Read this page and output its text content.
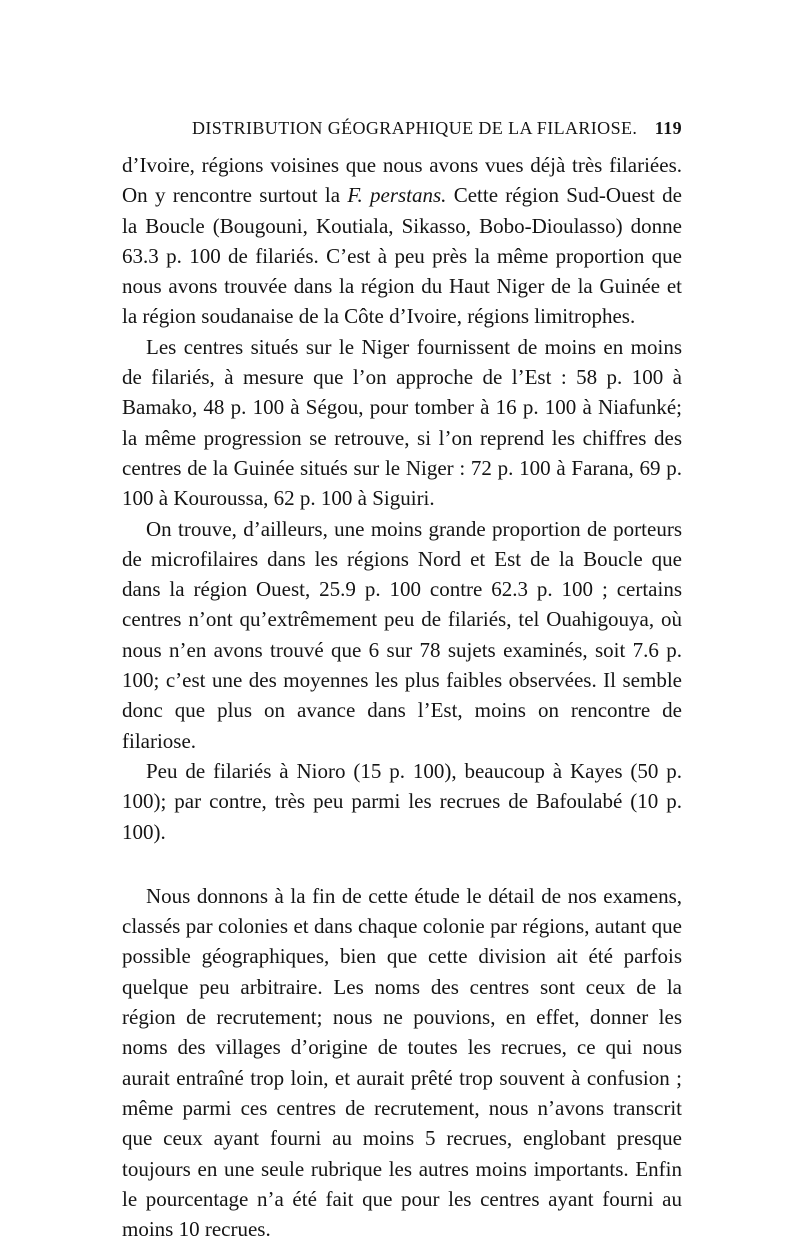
DISTRIBUTION GÉOGRAPHIQUE DE LA FILARIOSE. 119

d’Ivoire, régions voisines que nous avons vues déjà très filariées. On y rencontre surtout la F. perstans. Cette région Sud-Ouest de la Boucle (Bougouni, Koutiala, Sikasso, Bobo-Dioulasso) donne 63.3 p. 100 de filariés. C’est à peu près la même proportion que nous avons trouvée dans la région du Haut Niger de la Guinée et la région soudanaise de la Côte d’Ivoire, régions limitrophes.

Les centres situés sur le Niger fournissent de moins en moins de filariés, à mesure que l’on approche de l’Est : 58 p. 100 à Bamako, 48 p. 100 à Ségou, pour tomber à 16 p. 100 à Niafunké; la même progression se retrouve, si l’on reprend les chiffres des centres de la Guinée situés sur le Niger : 72 p. 100 à Farana, 69 p. 100 à Kouroussa, 62 p. 100 à Siguiri.

On trouve, d’ailleurs, une moins grande proportion de porteurs de microfilaires dans les régions Nord et Est de la Boucle que dans la région Ouest, 25.9 p. 100 contre 62.3 p. 100 ; certains centres n’ont qu’extrêmement peu de filariés, tel Ouahigouya, où nous n’en avons trouvé que 6 sur 78 sujets examinés, soit 7.6 p. 100; c’est une des moyennes les plus faibles observées. Il semble donc que plus on avance dans l’Est, moins on rencontre de filariose.

Peu de filariés à Nioro (15 p. 100), beaucoup à Kayes (50 p. 100); par contre, très peu parmi les recrues de Bafoulabé (10 p. 100).

Nous donnons à la fin de cette étude le détail de nos examens, classés par colonies et dans chaque colonie par régions, autant que possible géographiques, bien que cette division ait été parfois quelque peu arbitraire. Les noms des centres sont ceux de la région de recrutement; nous ne pouvions, en effet, donner les noms des villages d’origine de toutes les recrues, ce qui nous aurait entraîné trop loin, et aurait prêté trop souvent à confusion ; même parmi ces centres de recrutement, nous n’avons transcrit que ceux ayant fourni au moins 5 recrues, englobant presque toujours en une seule rubrique les autres moins importants. Enfin le pourcentage n’a été fait que pour les centres ayant fourni au moins 10 recrues.
